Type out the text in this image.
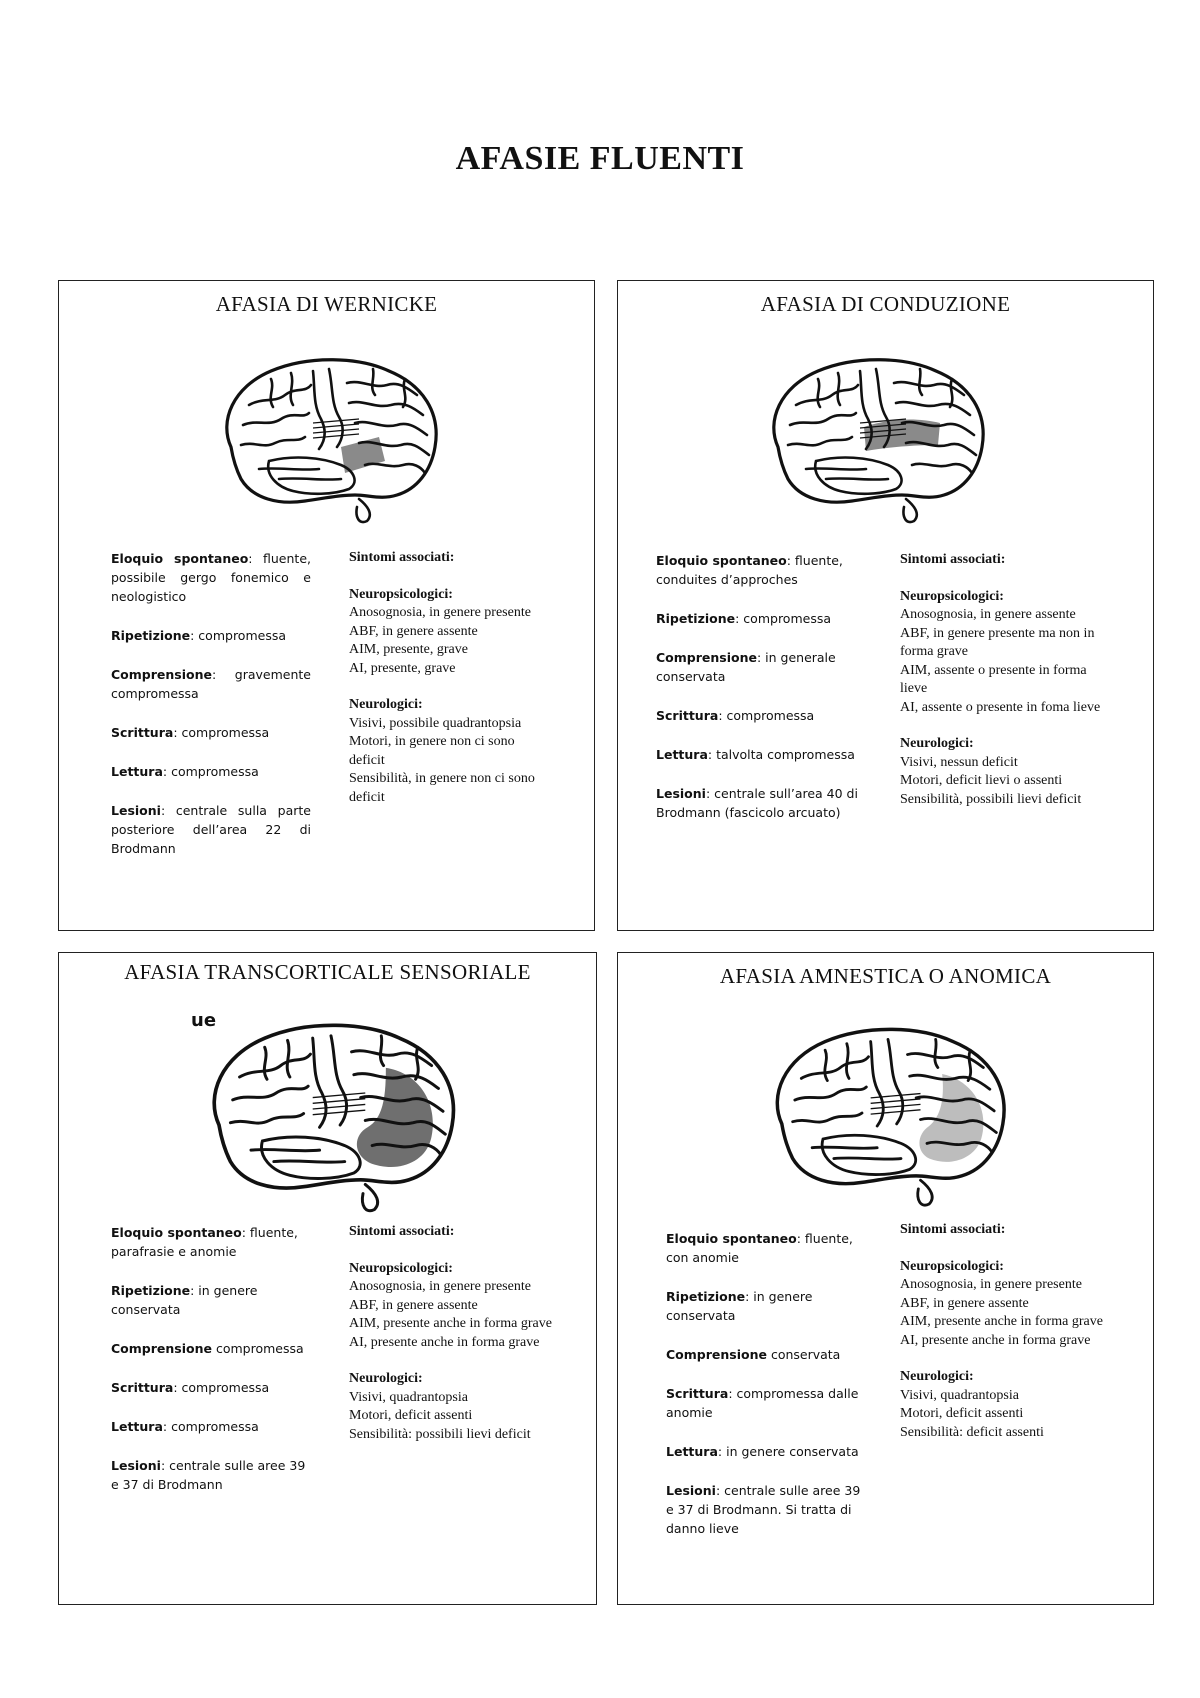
AFASIE FLUENTI
AFASIA DI WERNICKE

Eloquio spontaneo: fluente, possibile gergo fonemico e neologistico

Ripetizione: compromessa

Comprensione: gravemente compromessa

Scrittura: compromessa

Lettura: compromessa

Lesioni: centrale sulla parte posteriore dell’area 22 di Brodmann

Sintomi associati:
Neuropsicologici:
Anosognosia, in genere presente
ABF, in genere assente
AIM, presente, grave
AI, presente, grave
Neurologici:
Visivi, possibile quadrantopsia
Motori, in genere non ci sono deficit
Sensibilità, in genere non ci sono deficit
AFASIA DI CONDUZIONE

Eloquio spontaneo: fluente, conduites d’approches

Ripetizione: compromessa

Comprensione: in generale conservata

Scrittura: compromessa

Lettura: talvolta compromessa

Lesioni: centrale sull’area 40 di Brodmann (fascicolo arcuato)

Sintomi associati:
Neuropsicologici:
Anosognosia, in genere assente
ABF, in genere presente ma non in forma grave
AIM, assente o presente in forma lieve
AI, assente o presente in foma lieve
Neurologici:
Visivi, nessun deficit
Motori, deficit lievi o assenti
Sensibilità, possibili lievi deficit
AFASIA TRANSCORTICALE SENSORIALE
ue

Eloquio spontaneo: fluente, parafrasie e anomie

Ripetizione: in genere conservata

Comprensione compromessa

Scrittura: compromessa

Lettura: compromessa

Lesioni: centrale sulle aree 39 e 37 di Brodmann

Sintomi associati:
Neuropsicologici:
Anosognosia, in genere presente
ABF, in genere assente
AIM, presente anche in forma grave
AI, presente anche in forma grave
Neurologici:
Visivi, quadrantopsia
Motori, deficit assenti
Sensibilità: possibili lievi deficit
AFASIA AMNESTICA O ANOMICA

Eloquio spontaneo: fluente, con anomie

Ripetizione: in genere conservata

Comprensione conservata

Scrittura: compromessa dalle anomie

Lettura: in genere conservata

Lesioni: centrale sulle aree 39 e 37 di Brodmann. Si tratta di danno lieve

Sintomi associati:
Neuropsicologici:
Anosognosia, in genere presente
ABF, in genere assente
AIM, presente anche in forma grave
AI, presente anche in forma grave
Neurologici:
Visivi, quadrantopsia
Motori, deficit assenti
Sensibilità: deficit assenti
